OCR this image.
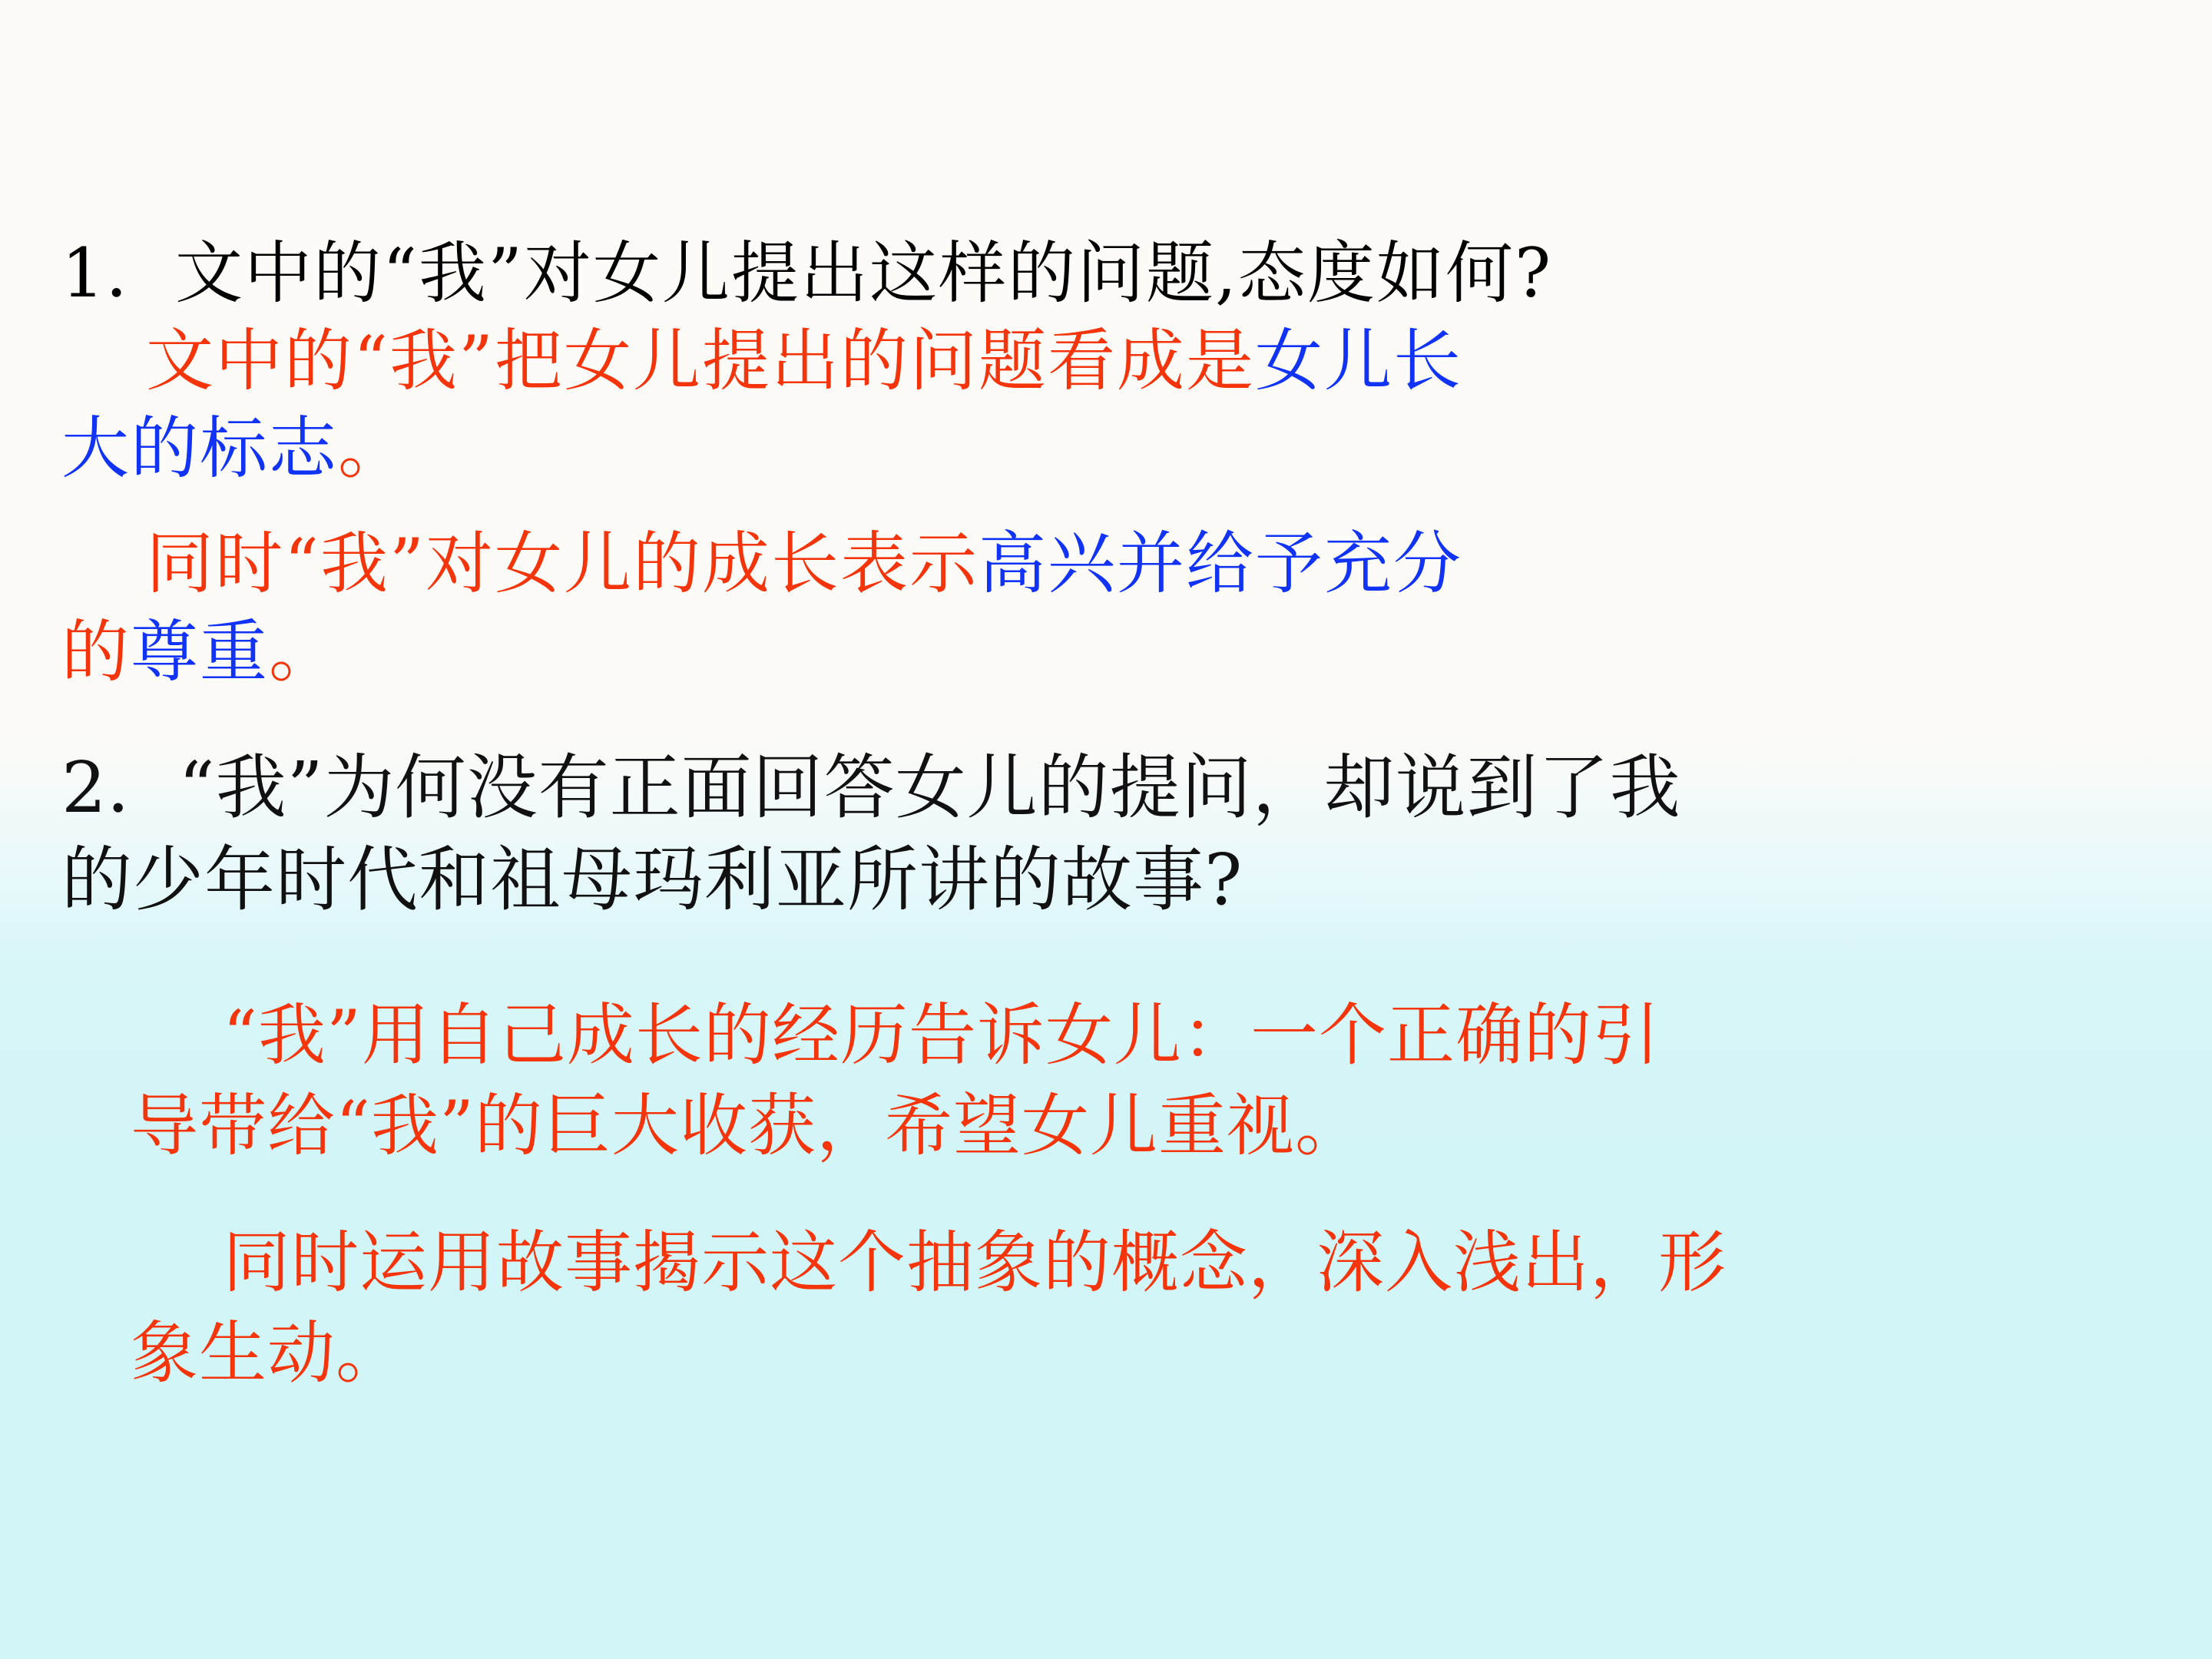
1．文中的“我”对女儿提出这样的问题,态度如何?
文中的“我”把女儿提出的问题看成是女儿长
大的标志。
同时“我”对女儿的成长表示高兴并给予充分
的尊重。
2．“我”为何没有正面回答女儿的提问，却说到了我
的少年时代和祖母玛利亚所讲的故事?
“我”用自己成长的经历告诉女儿：一个正确的引
导带给“我”的巨大收获，希望女儿重视。
同时运用故事揭示这个抽象的概念，深入浅出，形
象生动。
